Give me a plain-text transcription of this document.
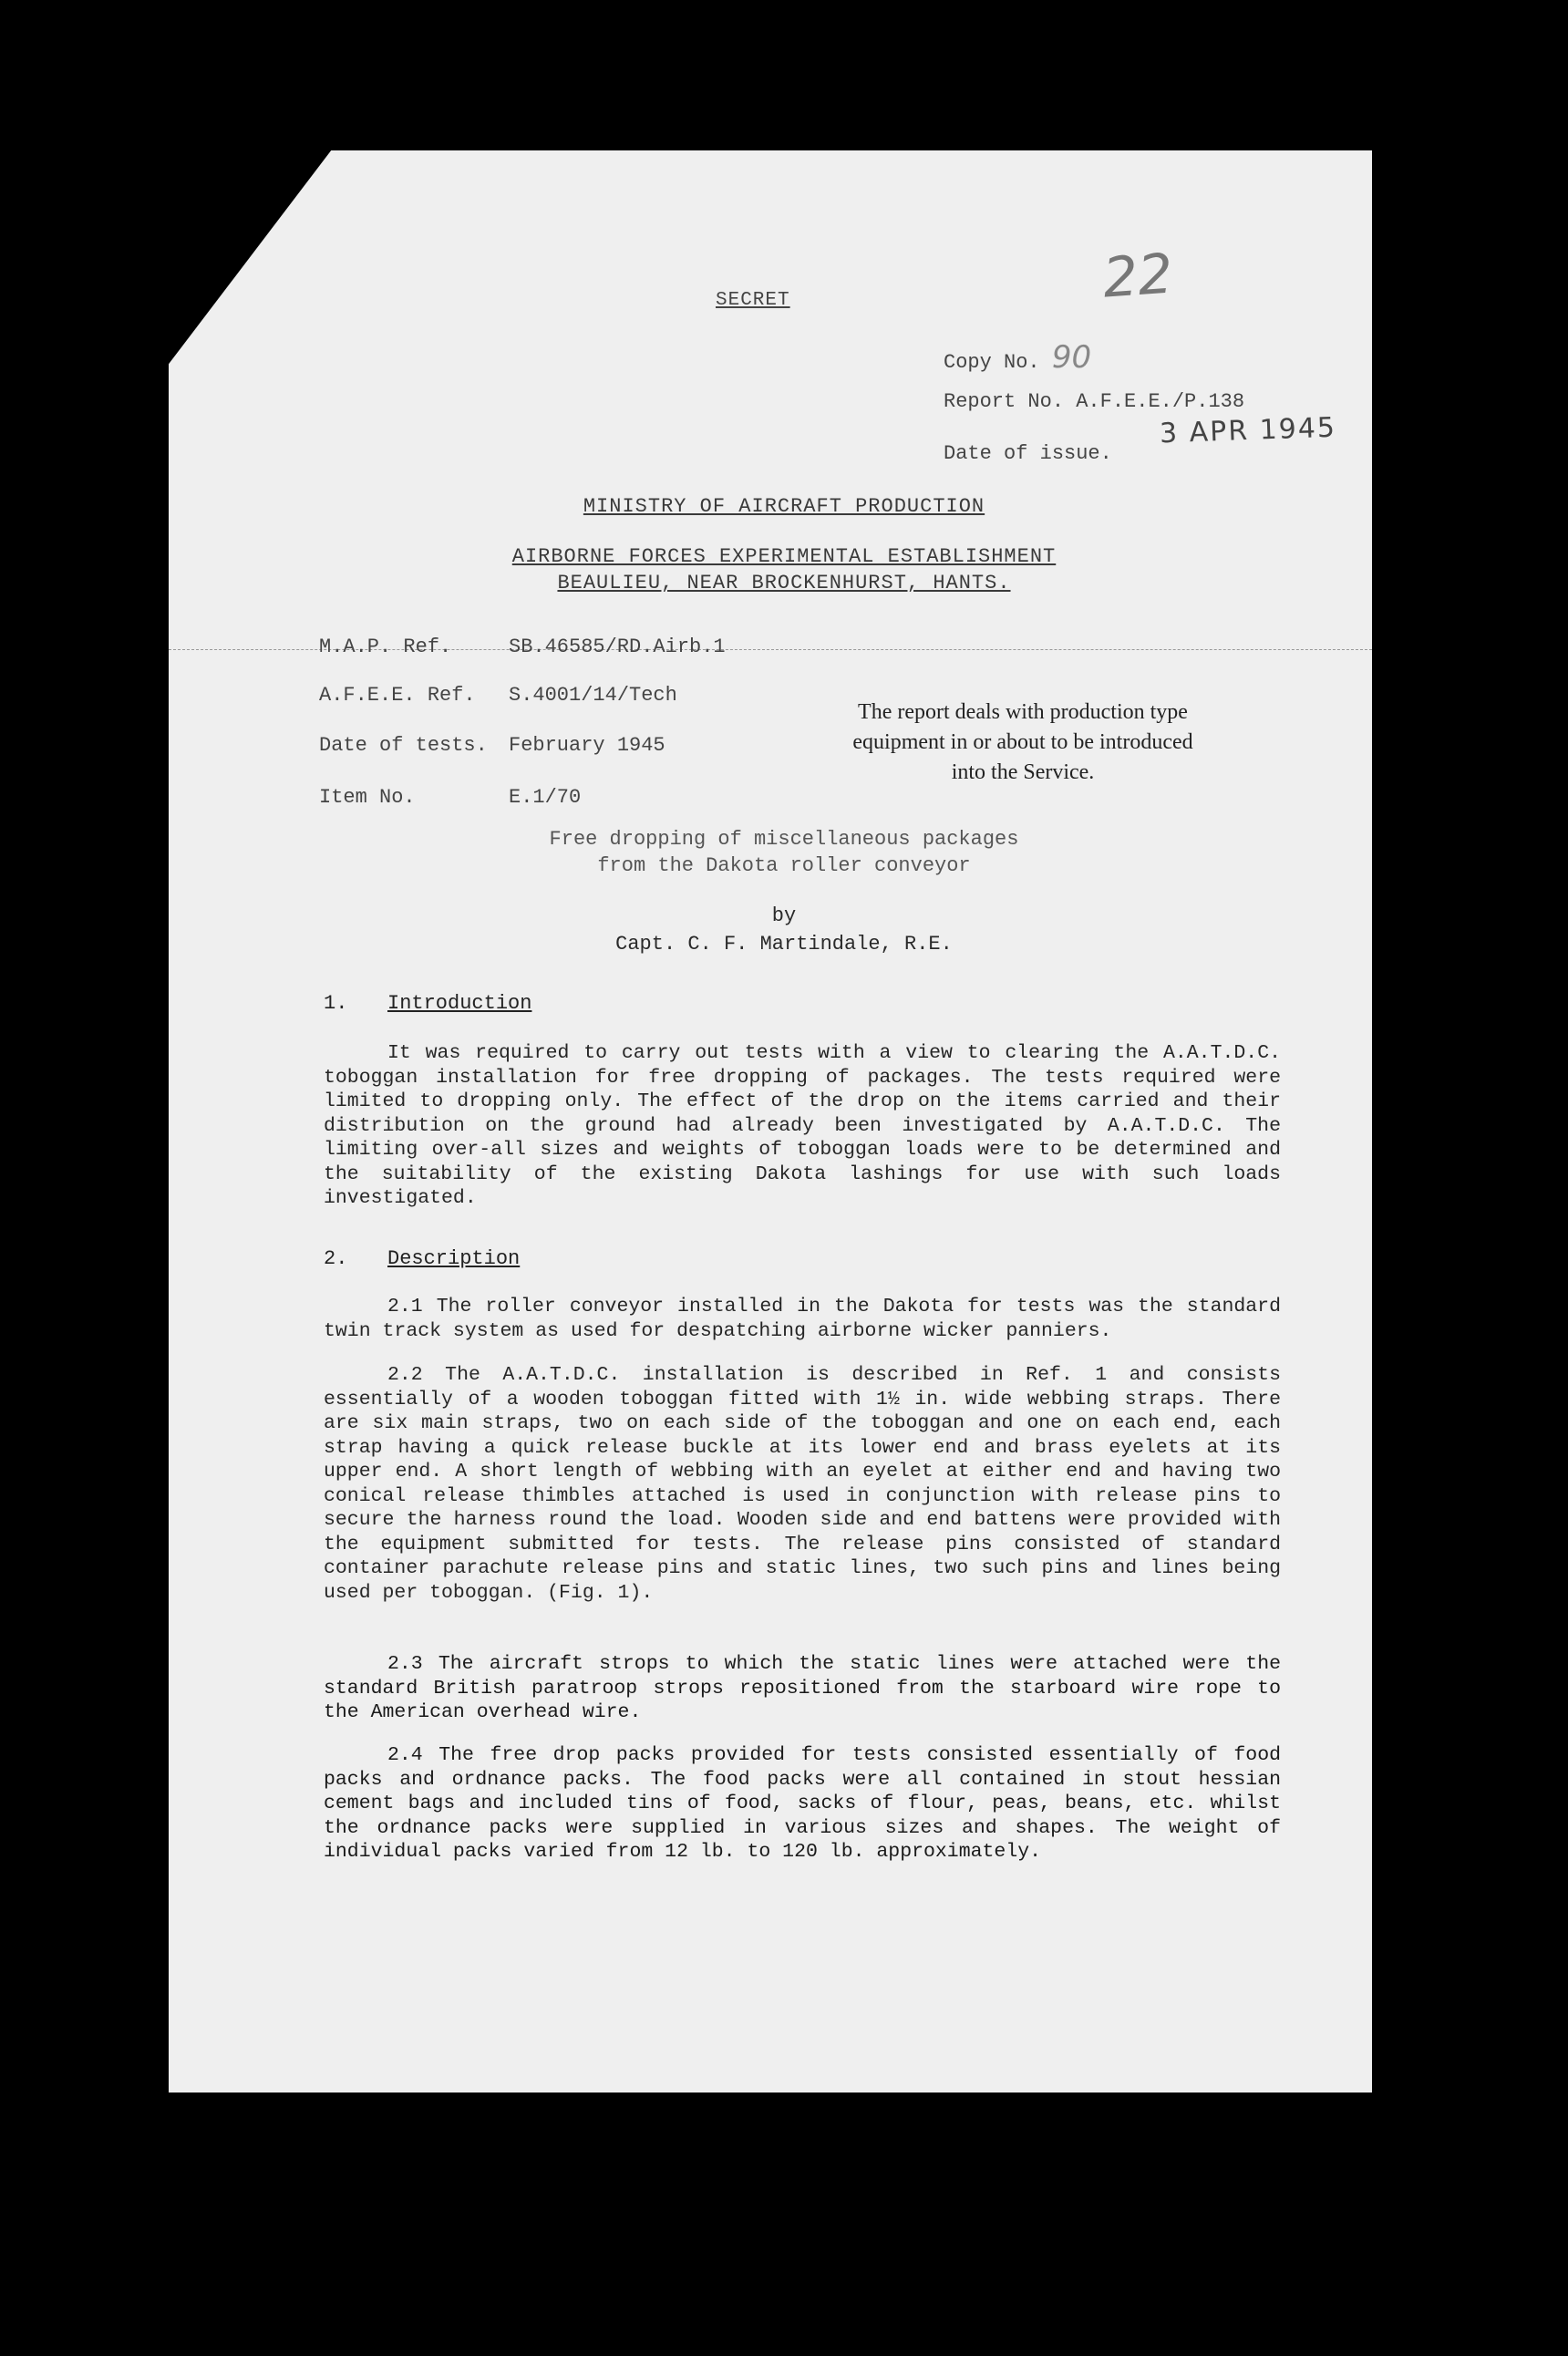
22
SECRET
Copy No. 90
Report No. A.F.E.E./P.138
Date of issue.
3 APR 1945
MINISTRY OF AIRCRAFT PRODUCTION
AIRBORNE FORCES EXPERIMENTAL ESTABLISHMENT
BEAULIEU, NEAR BROCKENHURST, HANTS.
M.A.P. Ref.	SB.46585/RD.Airb.1
A.F.E.E. Ref. S.4001/14/Tech
Date of tests. February 1945
Item No.	E.1/70
The report deals with production type
equipment in or about to be introduced
into the Service.
Free dropping of miscellaneous packages
from the Dakota roller conveyor
by
Capt. C. F. Martindale, R.E.
1. Introduction
It was required to carry out tests with a view to clearing the A.A.T.D.C. toboggan installation for free dropping of packages. The tests required were limited to dropping only. The effect of the drop on the items carried and their distribution on the ground had already been investigated by A.A.T.D.C. The limiting over-all sizes and weights of toboggan loads were to be determined and the suitability of the existing Dakota lashings for use with such loads investigated.
2. Description
2.1 The roller conveyor installed in the Dakota for tests was the standard twin track system as used for despatching airborne wicker panniers.
2.2 The A.A.T.D.C. installation is described in Ref. 1 and consists essentially of a wooden toboggan fitted with 1½ in. wide webbing straps. There are six main straps, two on each side of the toboggan and one on each end, each strap having a quick release buckle at its lower end and brass eyelets at its upper end. A short length of webbing with an eyelet at either end and having two conical release thimbles attached is used in conjunction with release pins to secure the harness round the load. Wooden side and end battens were provided with the equipment submitted for tests. The release pins consisted of standard container parachute release pins and static lines, two such pins and lines being used per toboggan. (Fig. 1).
2.3 The aircraft strops to which the static lines were attached were the standard British paratroop strops repositioned from the starboard wire rope to the American overhead wire.
2.4 The free drop packs provided for tests consisted essentially of food packs and ordnance packs. The food packs were all contained in stout hessian cement bags and included tins of food, sacks of flour, peas, beans, etc. whilst the ordnance packs were supplied in various sizes and shapes. The weight of individual packs varied from 12 lb. to 120 lb. approximately.
